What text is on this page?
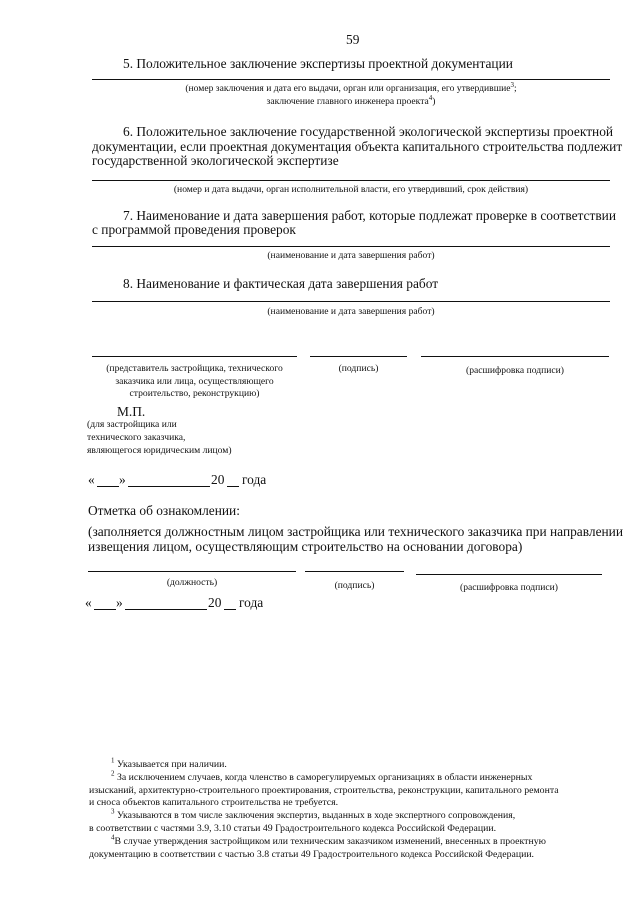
59
5. Положительное заключение экспертизы проектной документации
(номер заключения и дата его выдачи, орган или организация, его утвердившие$^3$;
заключение главного инженера проекта$^4$)
6. Положительное заключение государственной экологической экспертизы проектной
документации, если проектная документация объекта капитального строительства подлежит
государственной экологической экспертизе
(номер и дата выдачи, орган исполнительной власти, его утвердивший, срок действия)
7. Наименование и дата завершения работ, которые подлежат проверке в соответствии
с программой проведения проверок
(наименование и дата завершения работ)
8. Наименование и фактическая дата завершения работ
(наименование и дата завершения работ)
(представитель застройщика, технического
заказчика или лица, осуществляющего
строительство, реконструкцию)
(подпись)	(расшифровка подписи)
М.П.
(для застройщика или
технического заказчика,
являющегося юридическим лицом)
« »	20 года
Отметка об ознакомлении:
(заполняется должностным лицом застройщика или технического заказчика при направлении
извещения лицом, осуществляющим строительство на основании договора)
(должность)	(подпись)	(расшифровка подписи)
« »	20 года
$^1$ Указывается при наличии.
$^2$ За исключением случаев, когда членство в саморегулируемых организациях в области инженерных
изысканий, архитектурно-строительного проектирования, строительства, реконструкции, капитального ремонта
и сноса объектов капитального строительства не требуется.
$^3$ Указываются в том числе заключения экспертиз, выданных в ходе экспертного сопровождения,
в соответствии с частями 3.9, 3.10 статьи 49 Градостроительного кодекса Российской Федерации.
$^4$В случае утверждения застройщиком или техническим заказчиком изменений, внесенных в проектную
документацию в соответствии с частью 3.8 статьи 49 Градостроительного кодекса Российской Федерации.
